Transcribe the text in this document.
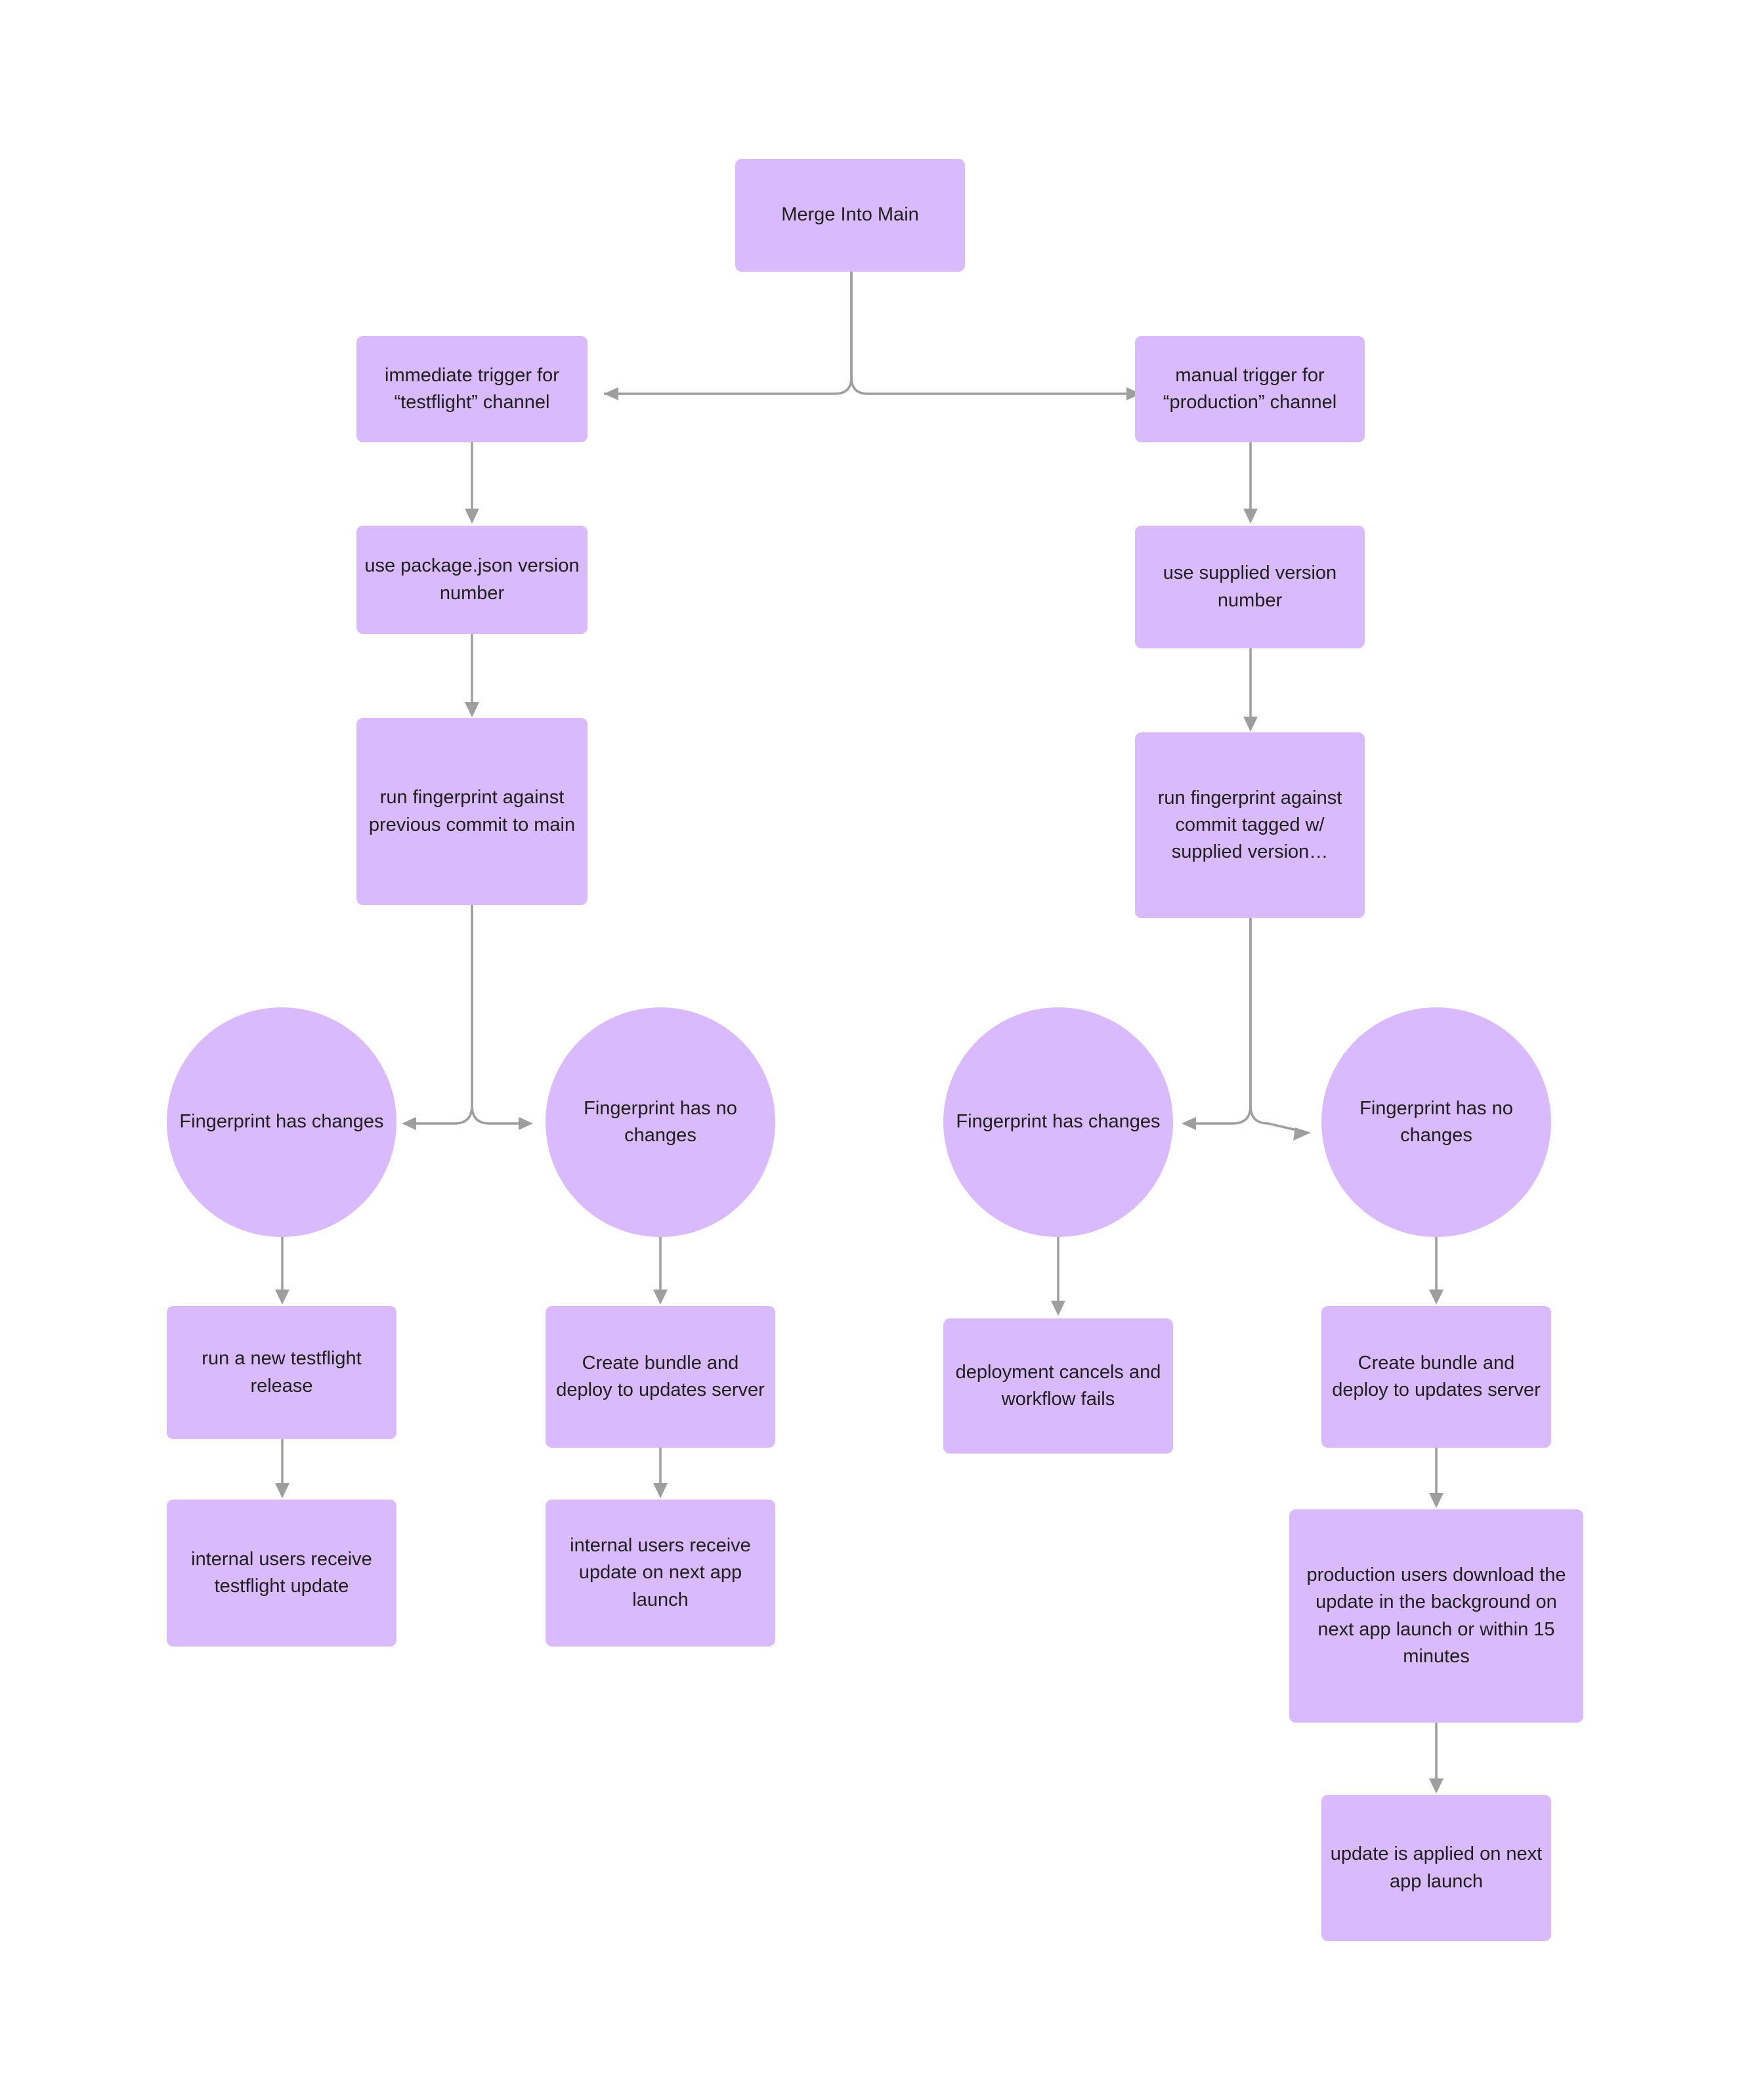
Merge Into Main
immediate trigger for “testflight” channel
manual trigger for “production” channel
use package.json version number
use supplied version number
run fingerprint against previous commit to main
run fingerprint against commit tagged w/ supplied version…
Fingerprint has changes
Fingerprint has no changes
Fingerprint has changes
Fingerprint has no changes
run a new testflight release
Create bundle and deploy to updates server
deployment cancels and workflow fails
Create bundle and deploy to updates server
internal users receive testflight update
internal users receive update on next app launch
production users download the update in the background on next app launch or within 15 minutes
update is applied on next app launch
